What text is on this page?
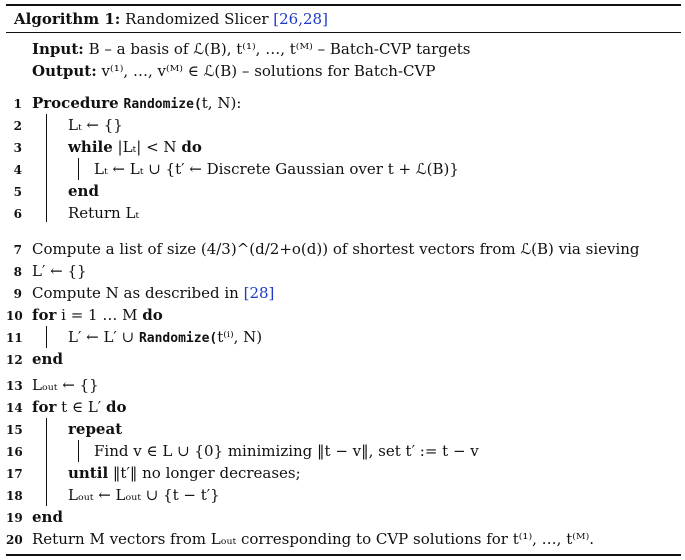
Algorithm 1: Randomized Slicer [26,28]
Input: B – a basis of ℒ(B), t⁽¹⁾, …, t⁽ᴹ⁾ – Batch-CVP targets
Output: v⁽¹⁾, …, v⁽ᴹ⁾ ∈ ℒ(B) – solutions for Batch-CVP
1 Procedure Randomize(t, N):
2	Lₜ ← {}
3	while |Lₜ| < N do
4	Lₜ ← Lₜ ∪ {t′ ← Discrete Gaussian over t + ℒ(B)}
5	end
6	Return Lₜ
7 Compute a list of size (4/3)^(d/2+o(d)) of shortest vectors from ℒ(B) via sieving
8 L′ ← {}
9 Compute N as described in [28]
10 for i = 1 … M do
11	L′ ← L′ ∪ Randomize(t⁽ⁱ⁾, N)
12 end
13 Lₒᵤₜ ← {}
14 for t ∈ L′ do
15	repeat
16	Find v ∈ L ∪ {0} minimizing ‖t − v‖, set t′ := t − v
17	until ‖t′‖ no longer decreases;
18	Lₒᵤₜ ← Lₒᵤₜ ∪ {t − t′}
19 end
20 Return M vectors from Lₒᵤₜ corresponding to CVP solutions for t⁽¹⁾, …, t⁽ᴹ⁾.
